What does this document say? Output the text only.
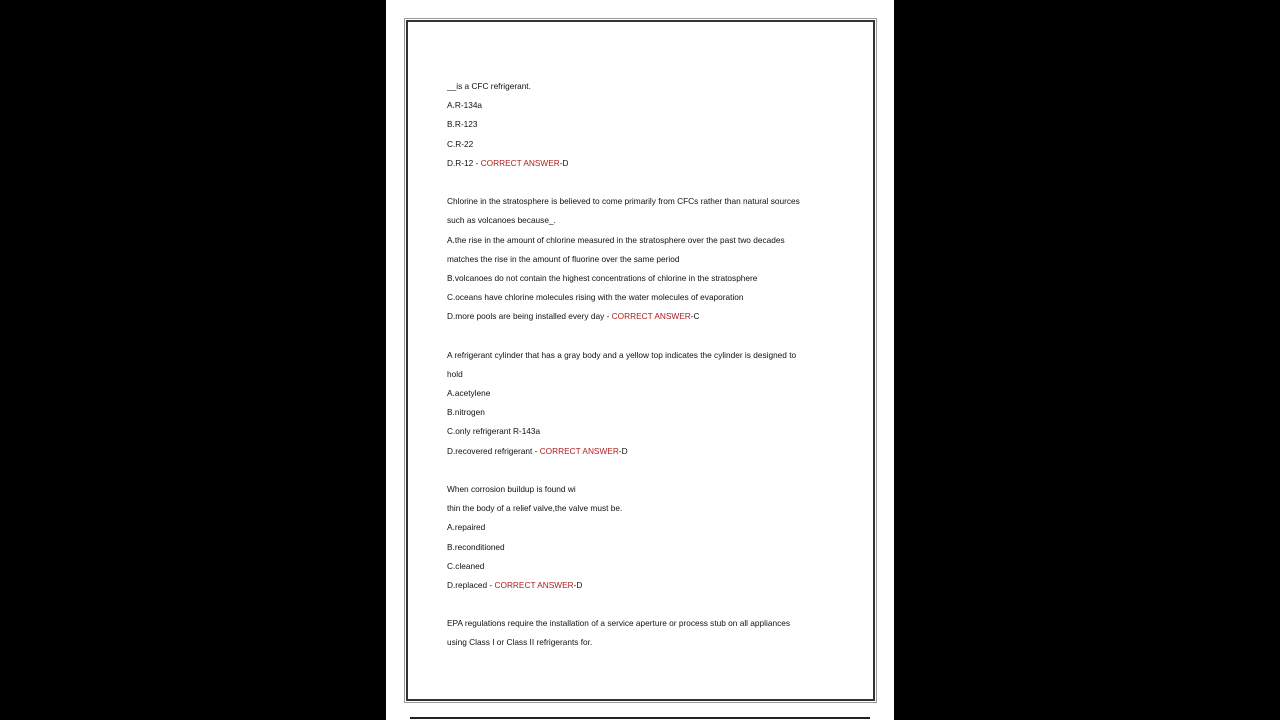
__is a CFC refrigerant.
A.R-134a
B.R-123
C.R-22
D.R-12 - CORRECT ANSWER-D
Chlorine in the stratosphere is believed to come primarily from CFCs rather than natural sources
such as volcanoes because_.
A.the rise in the amount of chlorine measured in the stratosphere over the past two decades
matches the rise in the amount of fluorine over the same period
B.volcanoes do not contain the highest concentrations of chlorine in the stratosphere
C.oceans have chlorine molecules rising with the water molecules of evaporation
D.more pools are being installed every day - CORRECT ANSWER-C
A refrigerant cylinder that has a gray body and a yellow top indicates the cylinder is designed to
hold
A.acetylene
B.nitrogen
C.only refrigerant R-143a
D.recovered refrigerant - CORRECT ANSWER-D
When corrosion buildup is found wi
thin the body of a relief valve,the valve must be.
A.repaired
B.reconditioned
C.cleaned
D.replaced - CORRECT ANSWER-D
EPA regulations require the installation of a service aperture or process stub on all appliances
using Class I or Class II refrigerants for.
